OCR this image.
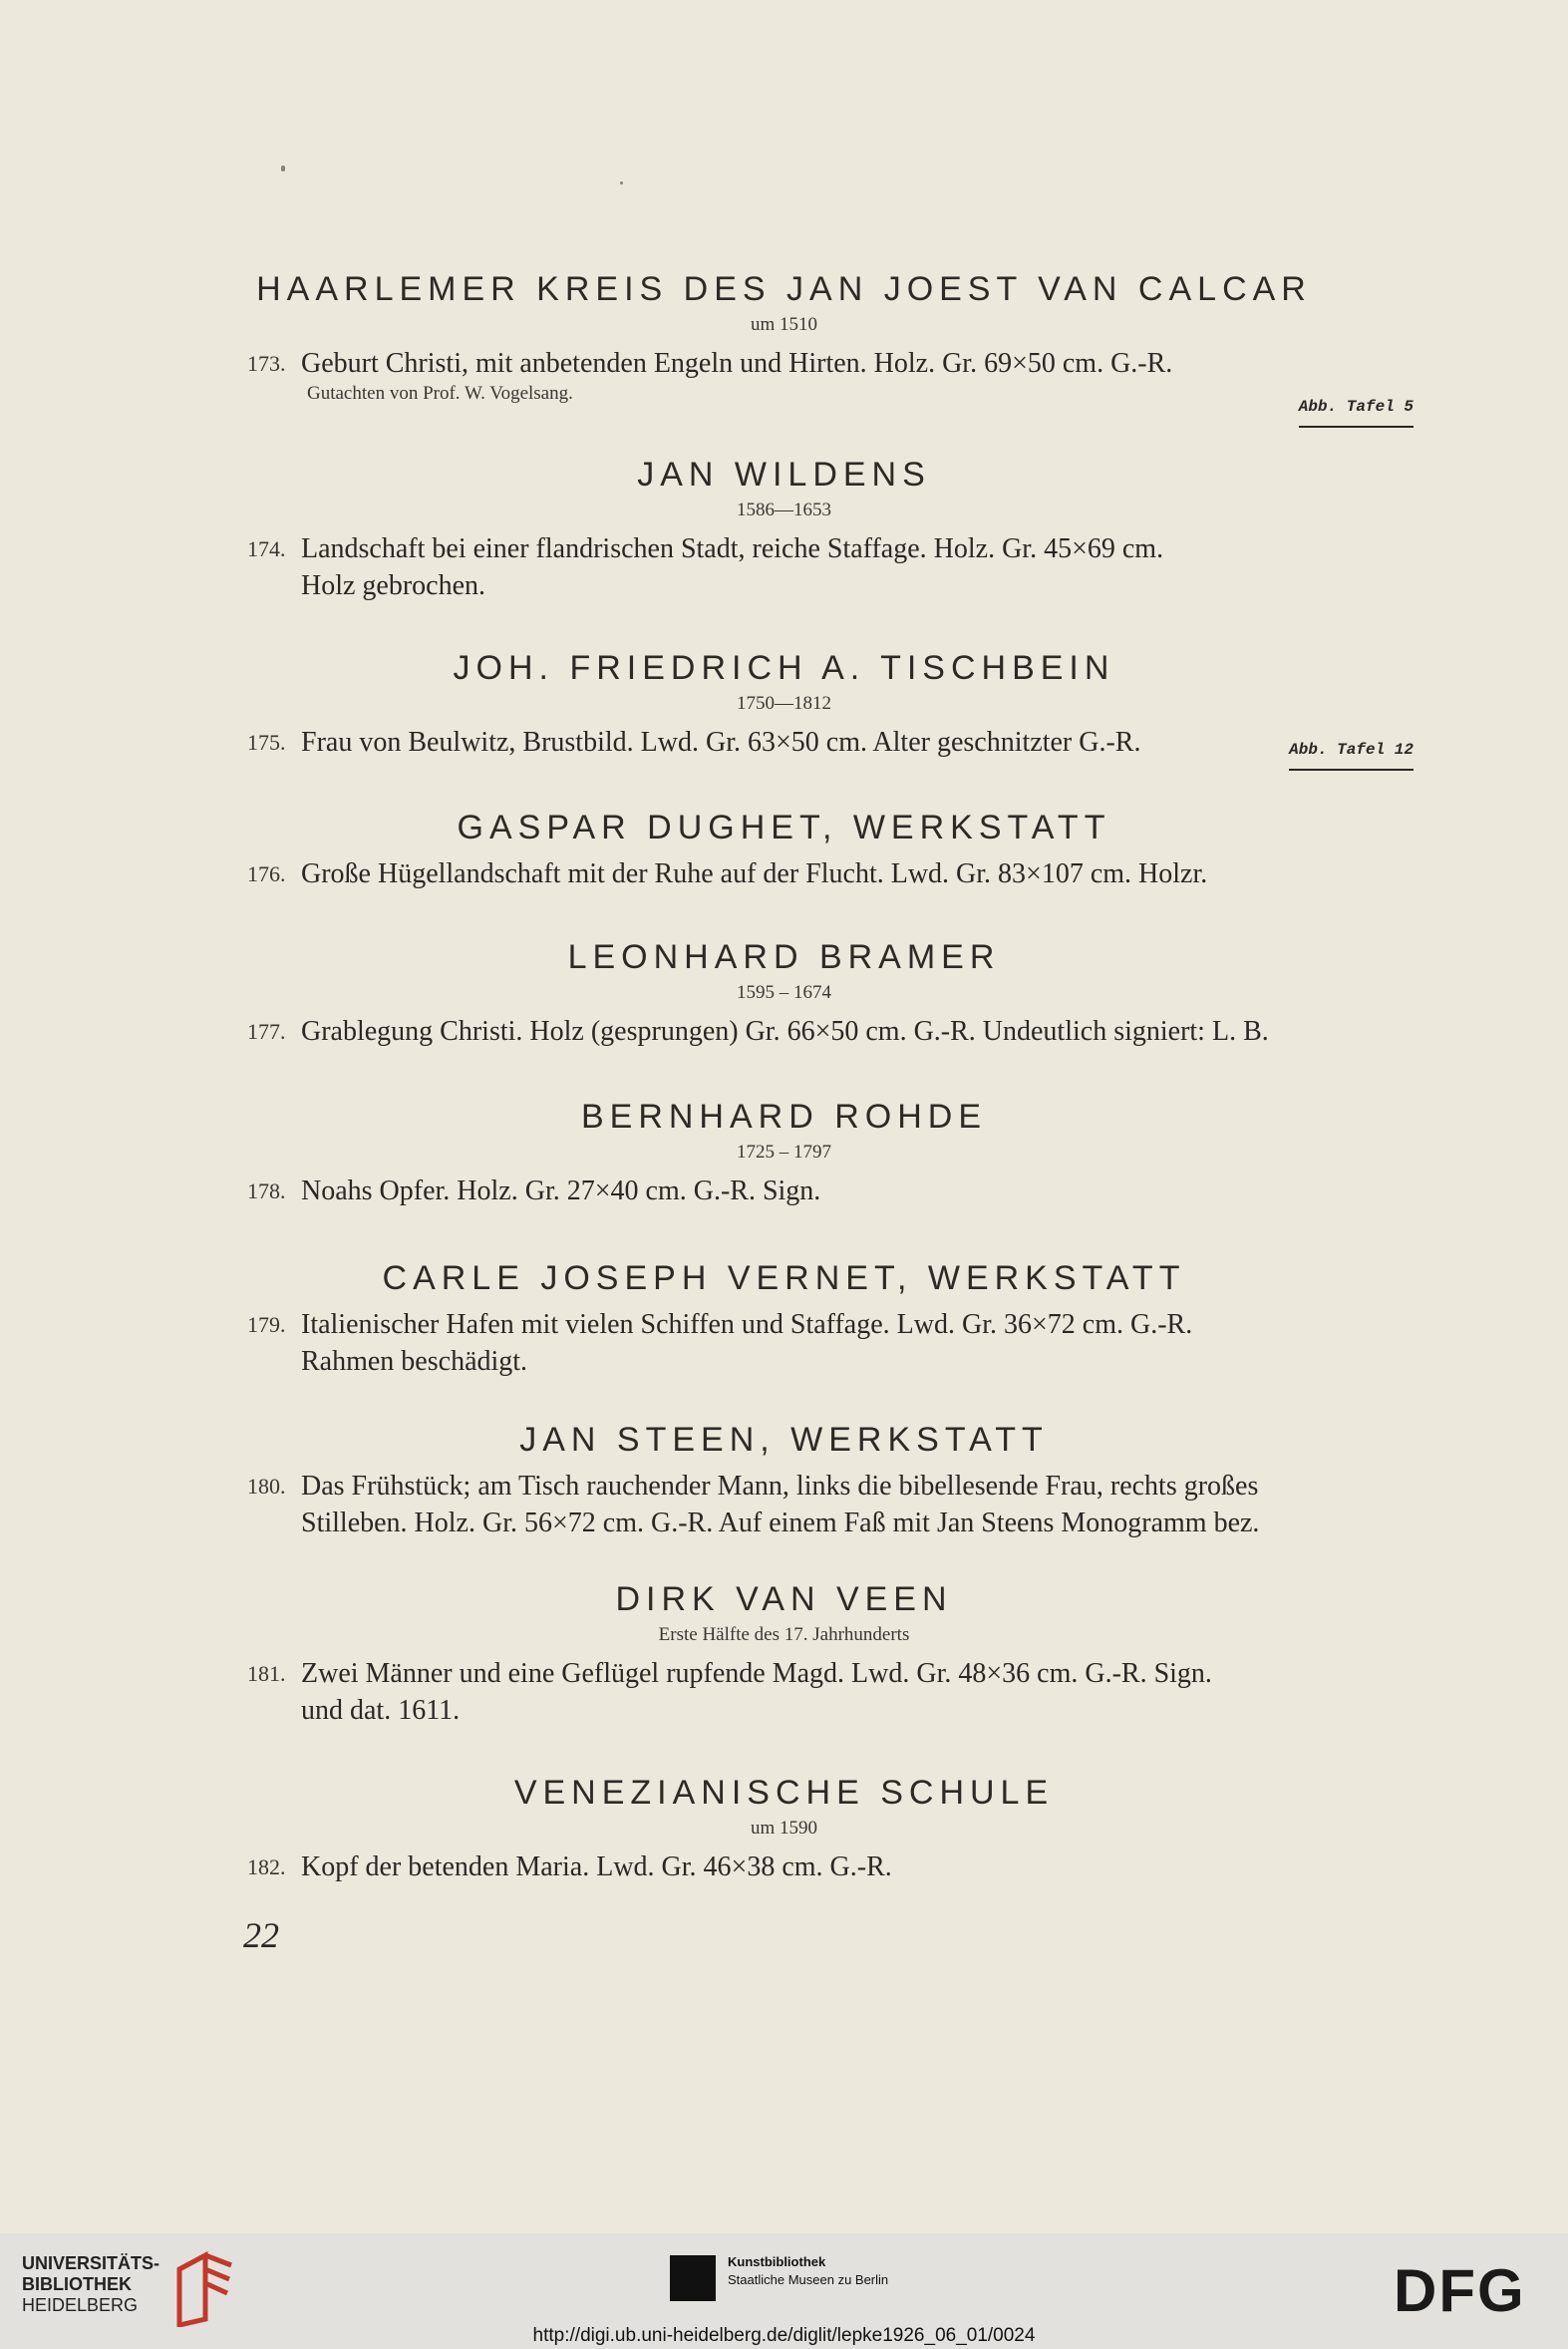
HAARLEMER KREIS DES JAN JOEST VAN CALCAR
um 1510
173. Geburt Christi, mit anbetenden Engeln und Hirten. Holz. Gr. 69×50 cm. G.-R.
Gutachten von Prof. W. Vogelsang.
Abb. Tafel 5
JAN WILDENS
1586—1653
174. Landschaft bei einer flandrischen Stadt, reiche Staffage. Holz. Gr. 45×69 cm.
Holz gebrochen.
JOH. FRIEDRICH A. TISCHBEIN
1750—1812
175. Frau von Beulwitz, Brustbild. Lwd. Gr. 63×50 cm. Alter geschnitzter G.-R.	Abb. Tafel 12
GASPAR DUGHET, WERKSTATT
176. Große Hügellandschaft mit der Ruhe auf der Flucht. Lwd. Gr. 83×107 cm. Holzr.
LEONHARD BRAMER
1595 – 1674
177. Grablegung Christi. Holz (gesprungen) Gr. 66×50 cm. G.-R. Undeutlich signiert: L. B.
BERNHARD ROHDE
1725 – 1797
178. Noahs Opfer. Holz. Gr. 27×40 cm. G.-R. Sign.
CARLE JOSEPH VERNET, WERKSTATT
179. Italienischer Hafen mit vielen Schiffen und Staffage. Lwd. Gr. 36×72 cm. G.-R.
Rahmen beschädigt.
JAN STEEN, WERKSTATT
180. Das Frühstück; am Tisch rauchender Mann, links die bibellesende Frau, rechts großes
Stilleben. Holz. Gr. 56×72 cm. G.-R. Auf einem Faß mit Jan Steens Monogramm bez.
DIRK VAN VEEN
Erste Hälfte des 17. Jahrhunderts
181. Zwei Männer und eine Geflügel rupfende Magd. Lwd. Gr. 48×36 cm. G.-R. Sign.
und dat. 1611.
VENEZIANISCHE SCHULE
um 1590
182. Kopf der betenden Maria. Lwd. Gr. 46×38 cm. G.-R.
22
UNIVERSITÄTS-
BIBLIOTHEK
HEIDELBERG
Kunstbibliothek
Staatliche Museen zu Berlin	DFG
http://digi.ub.uni-heidelberg.de/diglit/lepke1926_06_01/0024
